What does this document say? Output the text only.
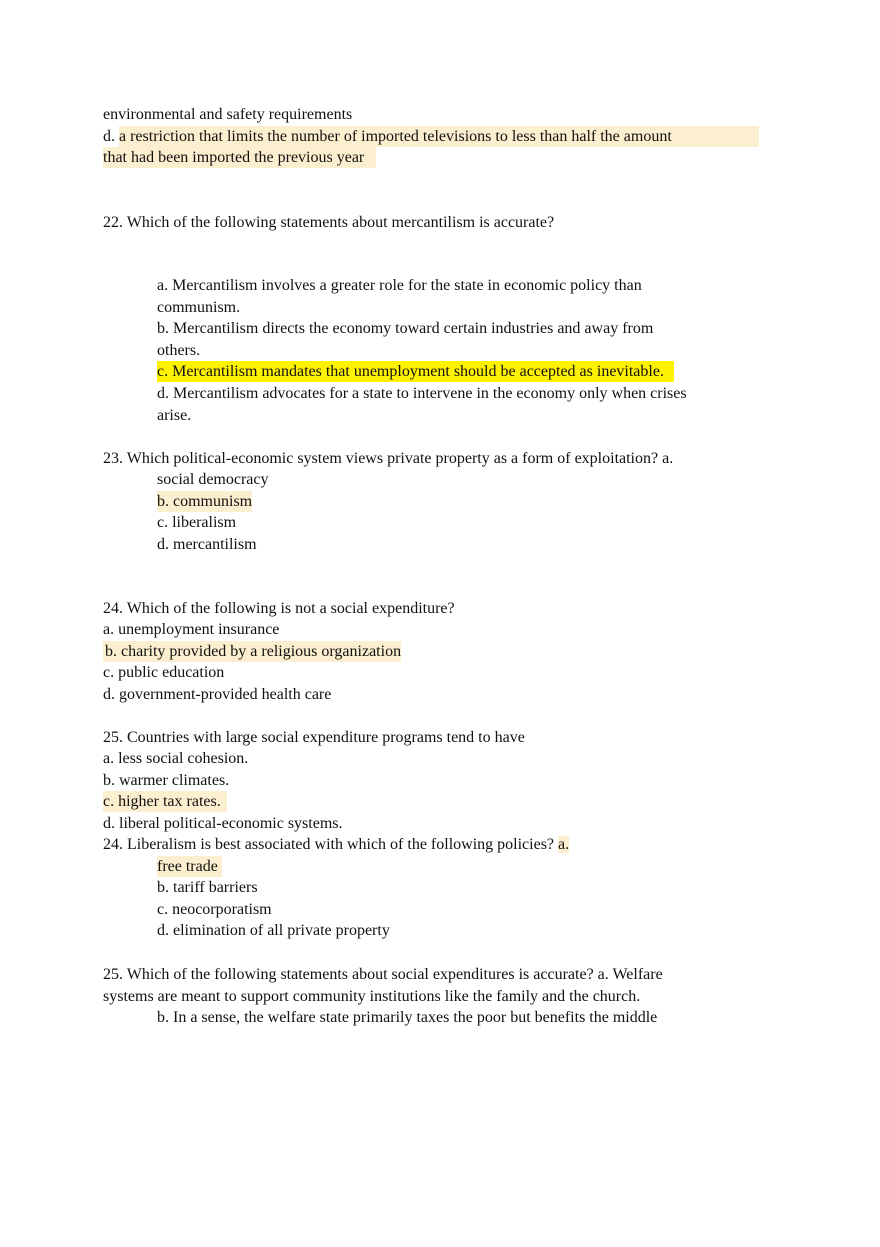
environmental and safety requirements
d. a restriction that limits the number of imported televisions to less than half the amount
that had been imported the previous year
22. Which of the following statements about mercantilism is accurate?
a. Mercantilism involves a greater role for the state in economic policy than
communism.
b. Mercantilism directs the economy toward certain industries and away from
others.
c. Mercantilism mandates that unemployment should be accepted as inevitable.
d. Mercantilism advocates for a state to intervene in the economy only when crises
arise.
23. Which political-economic system views private property as a form of exploitation? a.
social democracy
b. communism
c. liberalism
d. mercantilism
24. Which of the following is not a social expenditure?
a. unemployment insurance
b. charity provided by a religious organization
c. public education
d. government-provided health care
25. Countries with large social expenditure programs tend to have
a. less social cohesion.
b. warmer climates.
c. higher tax rates.
d. liberal political-economic systems.
24. Liberalism is best associated with which of the following policies? a.
free trade
b. tariff barriers
c. neocorporatism
d. elimination of all private property
25. Which of the following statements about social expenditures is accurate? a. Welfare
systems are meant to support community institutions like the family and the church.
b. In a sense, the welfare state primarily taxes the poor but benefits the middle
